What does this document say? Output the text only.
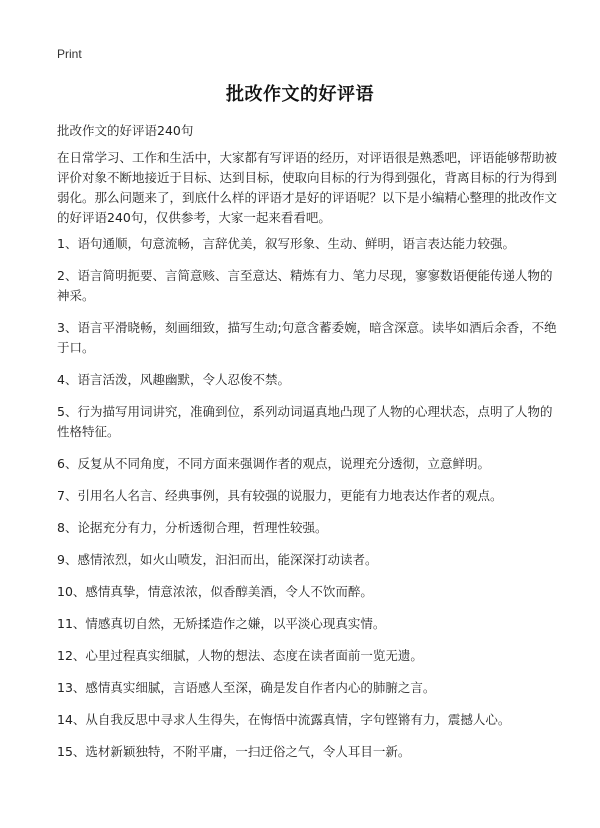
Print
批改作文的好评语
批改作文的好评语240句
在日常学习、工作和生活中，大家都有写评语的经历，对评语很是熟悉吧，评语能够帮助被评价对象不断地接近于目标、达到目标，使取向目标的行为得到强化，背离目标的行为得到弱化。那么问题来了，到底什么样的评语才是好的评语呢？以下是小编精心整理的批改作文的好评语240句，仅供参考，大家一起来看看吧。
1、语句通顺，句意流畅，言辞优美，叙写形象、生动、鲜明，语言表达能力较强。
2、语言简明扼要、言简意赅、言至意达、精炼有力、笔力尽现，寥寥数语便能传递人物的神采。
3、语言平滑晓畅，刻画细致，描写生动;句意含蓄委婉，暗含深意。读毕如酒后余香，不绝于口。
4、语言活泼，风趣幽默，令人忍俊不禁。
5、行为描写用词讲究，准确到位，系列动词逼真地凸现了人物的心理状态，点明了人物的性格特征。
6、反复从不同角度，不同方面来强调作者的观点，说理充分透彻，立意鲜明。
7、引用名人名言、经典事例，具有较强的说服力，更能有力地表达作者的观点。
8、论据充分有力，分析透彻合理，哲理性较强。
9、感情浓烈，如火山喷发，汩汩而出，能深深打动读者。
10、感情真挚，情意浓浓，似香醇美酒，令人不饮而醉。
11、情感真切自然，无矫揉造作之嫌，以平淡心现真实情。
12、心里过程真实细腻，人物的想法、态度在读者面前一览无遗。
13、感情真实细腻，言语感人至深，确是发自作者内心的肺腑之言。
14、从自我反思中寻求人生得失，在悔悟中流露真情，字句铿锵有力，震撼人心。
15、选材新颖独特，不附平庸，一扫迂俗之气，令人耳目一新。
